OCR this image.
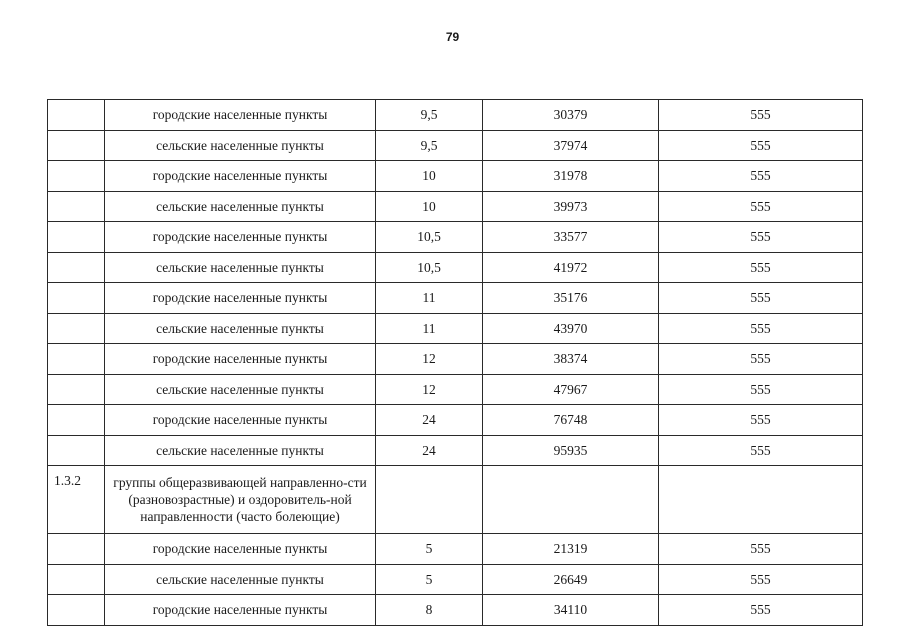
79
	городские населенные пункты	9,5	30379	555
	сельские населенные пункты	9,5	37974	555
	городские населенные пункты	10	31978	555
	сельские населенные пункты	10	39973	555
	городские населенные пункты	10,5	33577	555
	сельские населенные пункты	10,5	41972	555
	городские населенные пункты	11	35176	555
	сельские населенные пункты	11	43970	555
	городские населенные пункты	12	38374	555
	сельские населенные пункты	12	47967	555
	городские населенные пункты	24	76748	555
	сельские населенные пункты	24	95935	555
1.3.2	группы общеразвивающей направленно-сти (разновозрастные) и оздоровитель-ной направленности (часто болеющие)			
	городские населенные пункты	5	21319	555
	сельские населенные пункты	5	26649	555
	городские населенные пункты	8	34110	555
